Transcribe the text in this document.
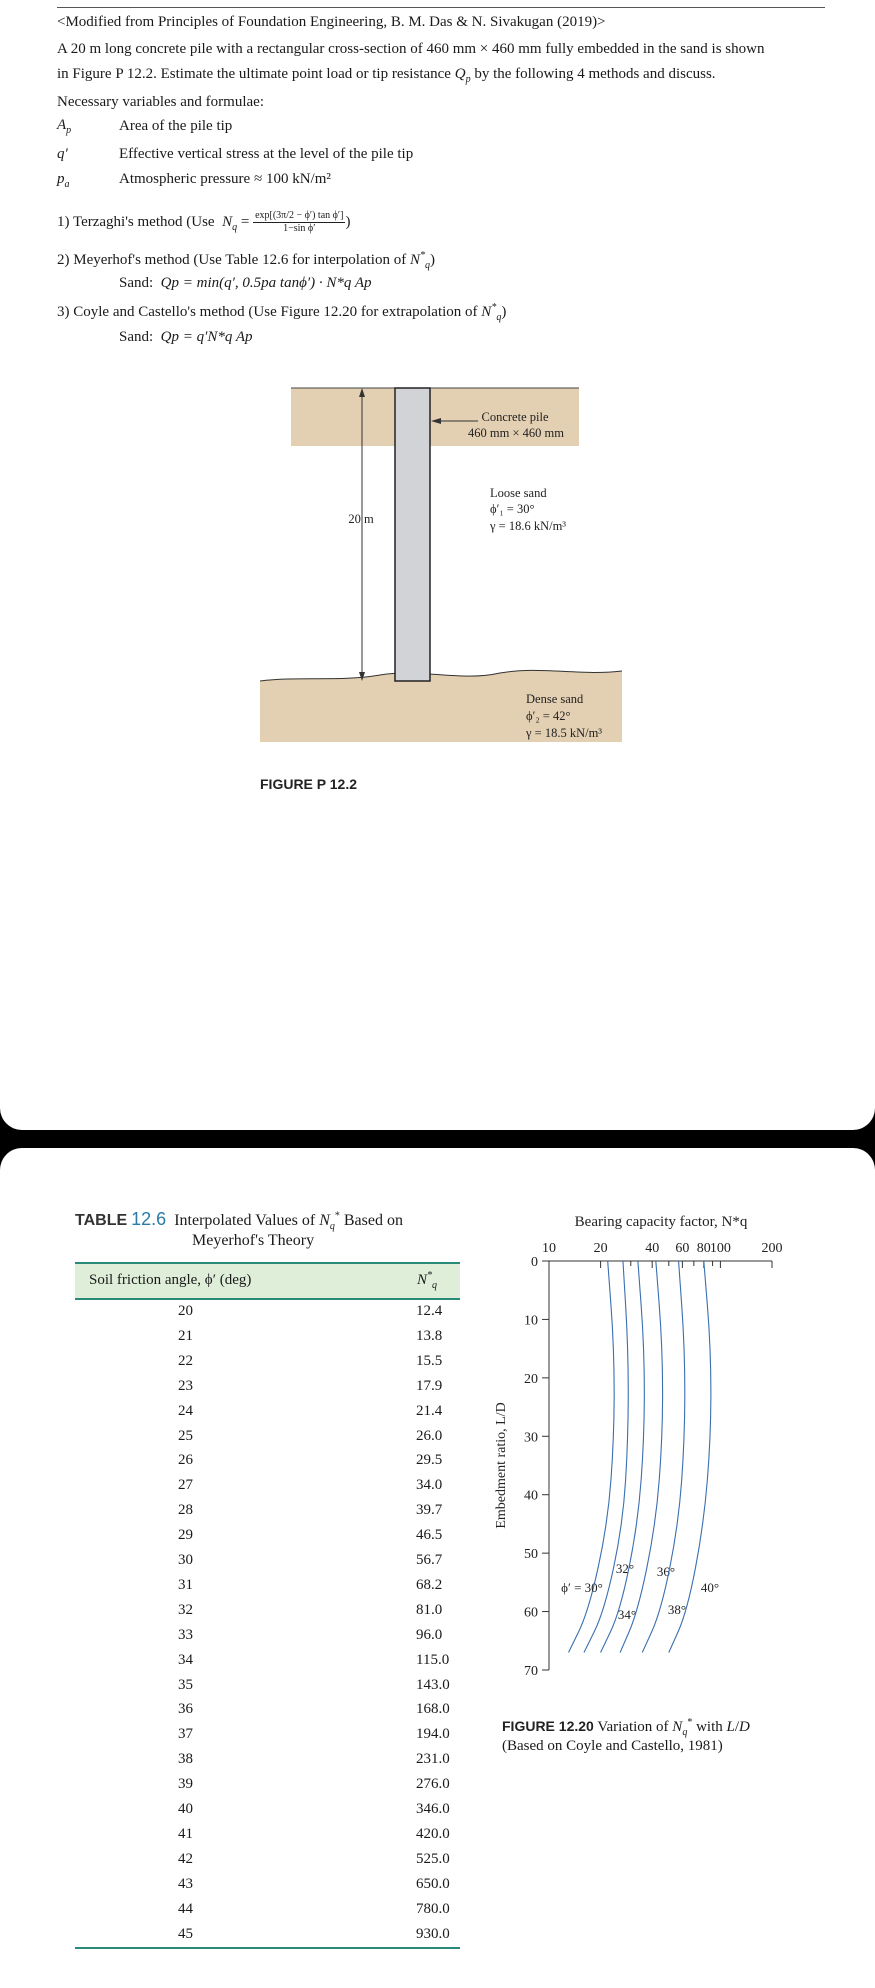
<Modified from Principles of Foundation Engineering, B. M. Das & N. Sivakugan (2019)>
A 20 m long concrete pile with a rectangular cross-section of 460 mm × 460 mm fully embedded in the sand is shown
in Figure P 12.2. Estimate the ultimate point load or tip resistance $Q_p$ by the following 4 methods and discuss.
Necessary variables and formulae:
$A_p$	Area of the pile tip
q′	Effective vertical stress at the level of the pile tip
$p_a$	Atmospheric pressure ≈ 100 kN/m²
1) Terzaghi's method (Use  $N_q = \frac{\text{exp[(3π/2 − ϕ′) tan ϕ′]}}{\text{1−sin ϕ′}}$ )
2) Meyerhof's method (Use Table 12.6 for interpolation of $N^*_q$)
Sand: Qp = min(q′, 0.5pa tanϕ′) · N*q Ap
3) Coyle and Castello's method (Use Figure 12.20 for extrapolation of $N^*_q$)
Sand: Qp = q′N*q Ap
Concrete pile
460 mm × 460 mm
20 m
Loose sand
ϕ′₁ = 30°
γ = 18.6 kN/m³
Dense sand
ϕ′₂ = 42°
γ = 18.5 kN/m³
FIGURE P 12.2
TABLE 12.6 Interpolated Values of $N_q^*$ Based on
Meyerhof's Theory
Soil friction angle, ϕ′ (deg)	$N^*_q$
20	12.4
21	13.8
22	15.5
23	17.9
24	21.4
25	26.0
26	29.5
27	34.0
28	39.7
29	46.5
30	56.7
31	68.2
32	81.0
33	96.0
34	115.0
35	143.0
36	168.0
37	194.0
38	231.0
39	276.0
40	346.0
41	420.0
42	525.0
43	650.0
44	780.0
45	930.0
10	20	40 60 80 100 200
0
10
20
30
40
50
60
70
Bearing capacity factor, N*q
Embedment ratio, L/D
ϕ′ = 30°
32°
34°
36°
38°
40°
FIGURE 12.20 Variation of $N_q^*$ with L/D
(Based on Coyle and Castello, 1981)
